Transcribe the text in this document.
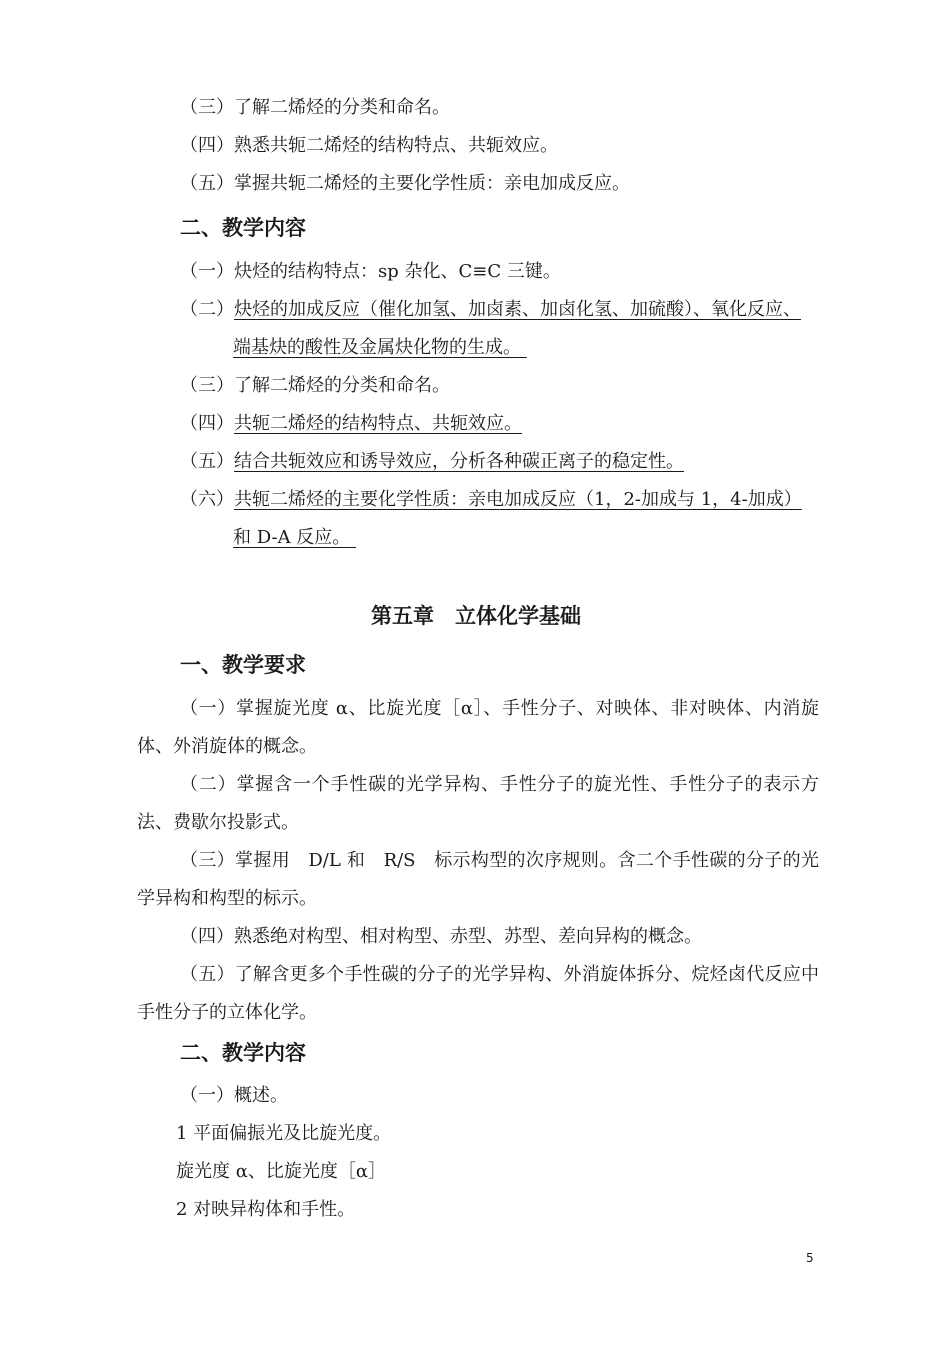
（三）了解二烯烃的分类和命名。
（四）熟悉共轭二烯烃的结构特点、共轭效应。
（五）掌握共轭二烯烃的主要化学性质：亲电加成反应。
二、教学内容
（一）炔烃的结构特点：sp 杂化、C≡C 三键。
（二）炔烃的加成反应（催化加氢、加卤素、加卤化氢、加硫酸）、氧化反应、
端基炔的酸性及金属炔化物的生成。
（三）了解二烯烃的分类和命名。
（四）共轭二烯烃的结构特点、共轭效应。
（五）结合共轭效应和诱导效应，分析各种碳正离子的稳定性。
（六）共轭二烯烃的主要化学性质：亲电加成反应（1，2-加成与 1，4-加成）
和 D-A 反应。
第五章　立体化学基础
一、教学要求
（一）掌握旋光度 α、比旋光度［α］、手性分子、对映体、非对映体、内消旋体、外消旋体的概念。
（二）掌握含一个手性碳的光学异构、手性分子的旋光性、手性分子的表示方法、费歇尔投影式。
（三）掌握用　D/L 和　R/S　标示构型的次序规则。含二个手性碳的分子的光学异构和构型的标示。
（四）熟悉绝对构型、相对构型、赤型、苏型、差向异构的概念。
（五）了解含更多个手性碳的分子的光学异构、外消旋体拆分、烷烃卤代反应中手性分子的立体化学。
二、教学内容
（一）概述。
1 平面偏振光及比旋光度。
旋光度 α、比旋光度［α］
2 对映异构体和手性。
5
